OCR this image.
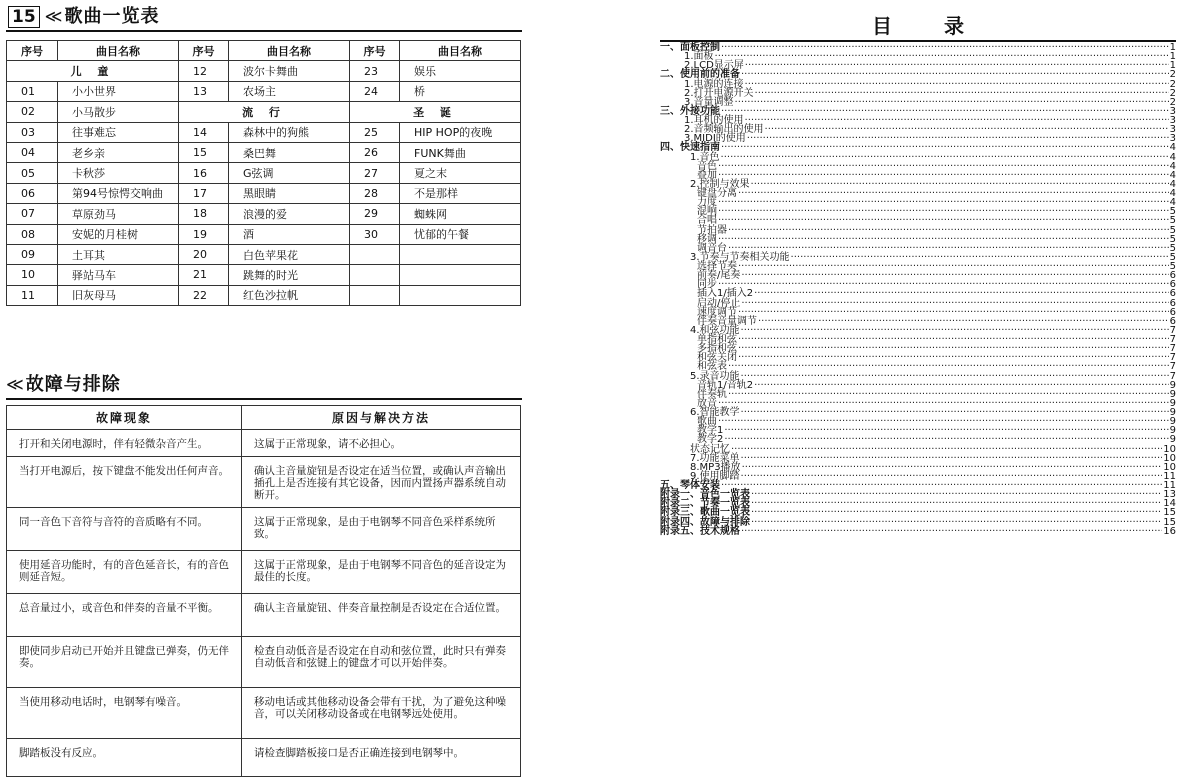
15 ≪ 歌曲一览表
序号	曲目名称	序号	曲目名称	序号	曲目名称
儿 童		12	波尔卡舞曲	23	娱乐
01	小小世界	13	农场主	24	桥
02	小马散步	流 行		圣 诞	
03	往事难忘	14	森林中的狗熊	25	HIP HOP的夜晚
04	老乡亲	15	桑巴舞	26	FUNK舞曲
05	卡秋莎	16	G弦调	27	夏之末
06	第94号惊愕交响曲	17	黑眼睛	28	不是那样
07	草原劲马	18	浪漫的爱	29	蜘蛛网
08	安妮的月桂树	19	酒	30	忧郁的午餐
09	土耳其	20	白色苹果花		
10	驿站马车	21	跳舞的时光		
11	旧灰母马	22	红色沙拉帆		
≪ 故障与排除
故障现象	原因与解决方法
打开和关闭电源时，伴有轻微杂音产生。	这属于正常现象，请不必担心。
当打开电源后，按下键盘不能发出任何声音。	确认主音量旋钮是否设定在适当位置，或确认声音输出插孔上是否连接有其它设备，因而内置扬声器系统自动断开。
同一音色下音符与音符的音质略有不同。	这属于正常现象，是由于电钢琴不同音色采样系统所致。
使用延音功能时，有的音色延音长，有的音色则延音短。	这属于正常现象，是由于电钢琴不同音色的延音设定为最佳的长度。
总音量过小，或音色和伴奏的音量不平衡。	确认主音量旋钮、伴奏音量控制是否设定在合适位置。
即使同步启动已开始并且键盘已弹奏，仍无伴奏。	检查自动低音是否设定在自动和弦位置，此时只有弹奏自动低音和弦键上的键盘才可以开始伴奏。
当使用移动电话时，电钢琴有噪音。	移动电话或其他移动设备会带有干扰，为了避免这种噪音，可以关闭移动设备或在电钢琴远处使用。
脚踏板没有反应。	请检查脚踏板接口是否正确连接到电钢琴中。
目录
一、面板控制 ·····	1
1.面板 ·····	1
2.LCD显示屏 ·····	1
二、使用前的准备 ·····	2
1.电源的连接 ·····	2
2.打开电源开关 ·····	2
3.音量调整 ·····	2
三、外接功能 ·····	3
1.耳机的使用 ·····	3
2.音频输出的使用 ·····	3
3.MIDI的使用 ·····	3
四、快速指南 ·····	4
1.音色 ·····	4
音色 ·····	4
叠加 ·····	4
2.控制与效果 ·····	4
键盘分离 ·····	4
力度 ·····	4
混响 ·····	5
合唱 ·····	5
节拍器 ·····	5
移调 ·····	5
调音台 ·····	5
3.节奏与节奏相关功能 ·····	5
选择节奏 ·····	5
前奏/尾奏 ·····	6
同步 ·····	6
插入1/插入2 ·····	6
启动/停止 ·····	6
速度调节 ·····	6
伴奏音量调节 ·····	6
4.和弦功能 ·····	7
单指和弦 ·····	7
多指和弦 ·····	7
和弦关闭 ·····	7
和弦表 ·····	7
5.录音功能 ·····	7
音轨1/音轨2 ·····	9
伴奏轨 ·····	9
放音 ·····	9
6.智能教学 ·····	9
歌曲 ·····	9
教学1 ·····	9
教学2 ·····	9
状态记忆 ·····	10
7.功能菜单 ·····	10
8.MP3播放 ·····	10
9.使用脚踏 ·····	11
五、琴体安装 ·····	11
附录一、音色一览表 ·····	13
附录二、节奏一览表 ·····	14
附录三、歌曲一览表 ·····	15
附录四、故障与排除 ·····	15
附录五、技术规格 ·····	16
